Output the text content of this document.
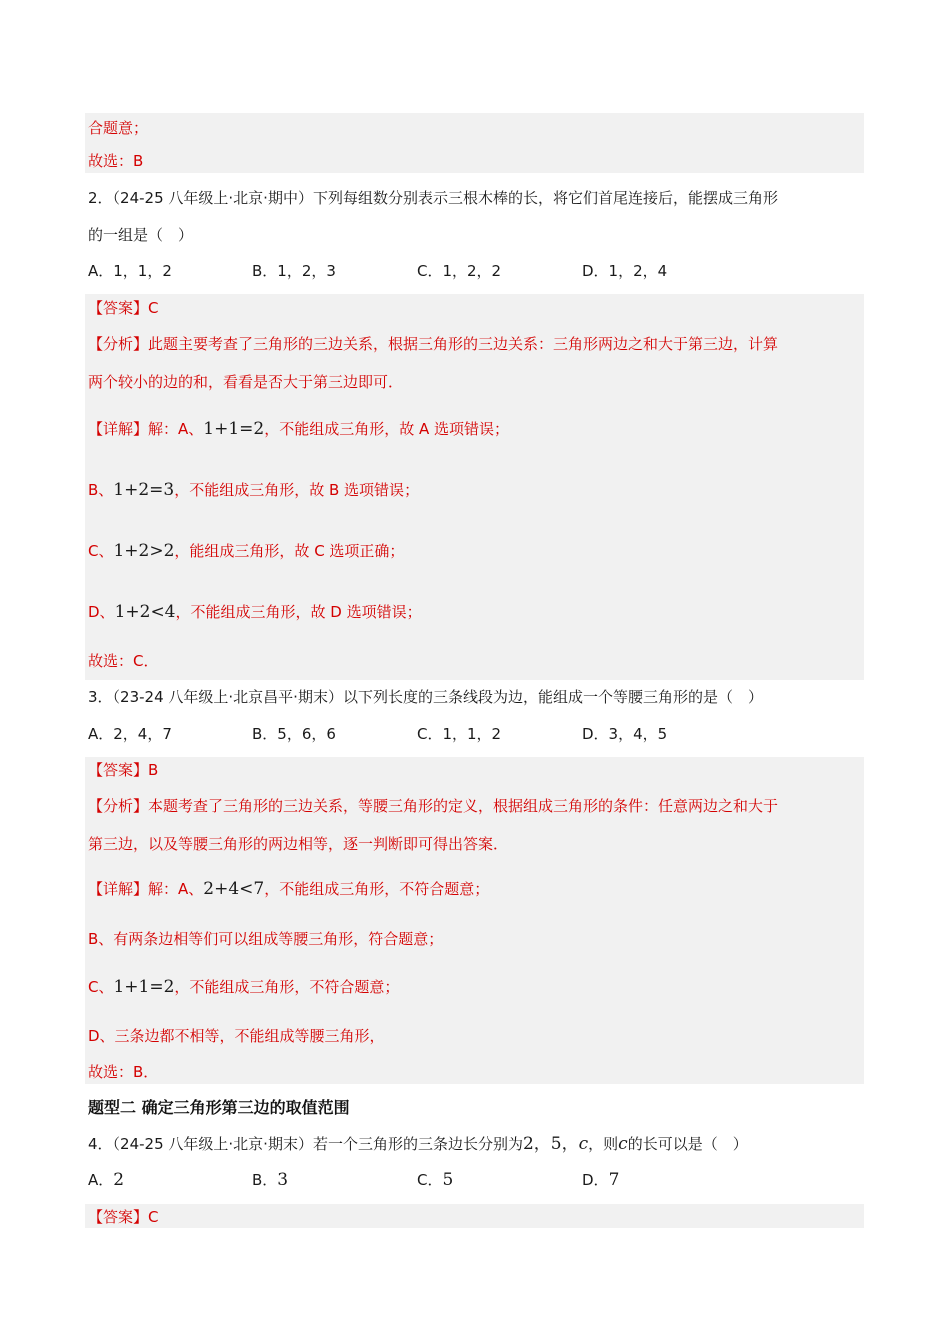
合题意；
故选：B
2．（24-25 八年级上·北京·期中）下列每组数分别表示三根木棒的长，将它们首尾连接后，能摆成三角形
的一组是（　）
A．1，1，2	B．1，2，3	C．1，2，2	D．1，2，4
【答案】C
【分析】此题主要考查了三角形的三边关系，根据三角形的三边关系：三角形两边之和大于第三边，计算
两个较小的边的和，看看是否大于第三边即可．
【详解】解：A、1+1=2，不能组成三角形，故 A 选项错误；
B、1+2=3，不能组成三角形，故 B 选项错误；
C、1+2>2，能组成三角形，故 C 选项正确；
D、1+2<4，不能组成三角形，故 D 选项错误；
故选：C．
3．（23-24 八年级上·北京昌平·期末）以下列长度的三条线段为边，能组成一个等腰三角形的是（　）
A．2，4，7	B．5，6，6	C．1，1，2	D．3，4，5
【答案】B
【分析】本题考查了三角形的三边关系，等腰三角形的定义，根据组成三角形的条件：任意两边之和大于
第三边，以及等腰三角形的两边相等，逐一判断即可得出答案．
【详解】解：A、2+4<7，不能组成三角形，不符合题意；
B、有两条边相等们可以组成等腰三角形，符合题意；
C、1+1=2，不能组成三角形，不符合题意；
D、三条边都不相等，不能组成等腰三角形，
故选：B．
题型二 确定三角形第三边的取值范围
4．（24-25 八年级上·北京·期末）若一个三角形的三条边长分别为2，5，c，则c的长可以是（　）
A．2	B．3	C．5	D．7
【答案】C
